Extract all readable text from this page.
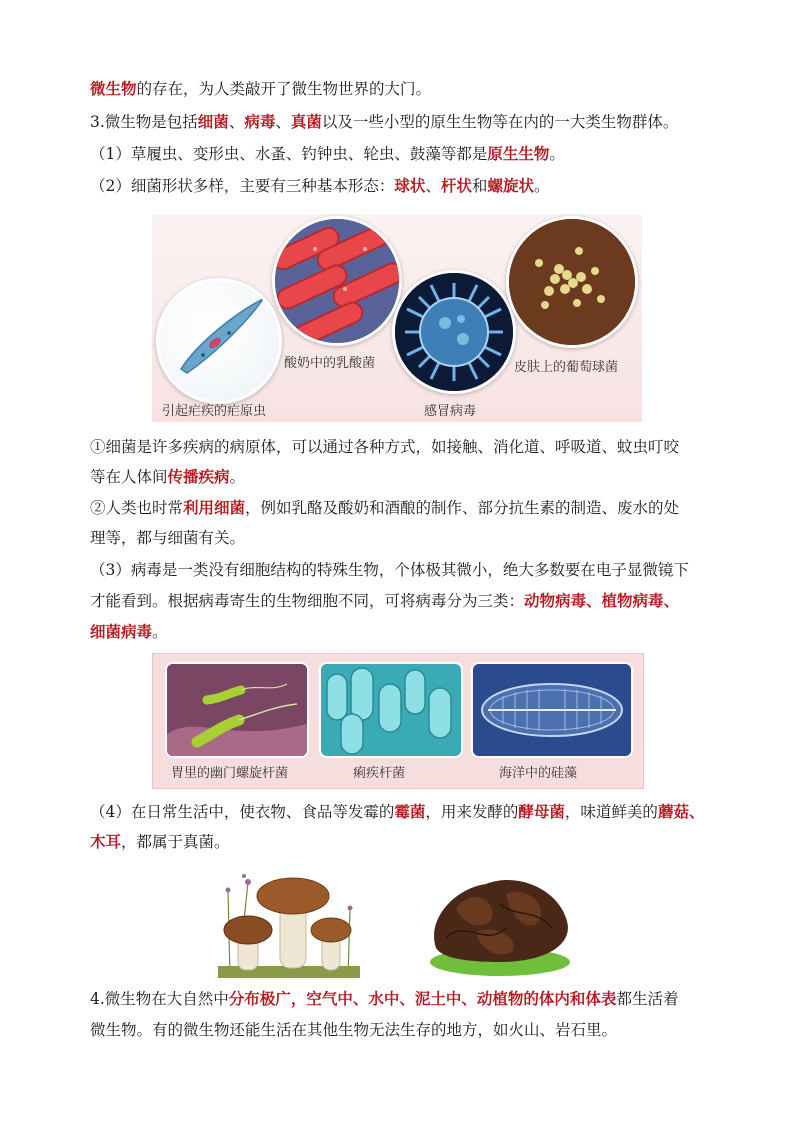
微生物的存在，为人类敲开了微生物世界的大门。
3.微生物是包括细菌、病毒、真菌以及一些小型的原生生物等在内的一大类生物群体。
（1）草履虫、变形虫、水蚤、钓钟虫、轮虫、鼓藻等都是原生生物。
（2）细菌形状多样，主要有三种基本形态：球状、杆状和螺旋状。
引起疟疾的疟原虫
酸奶中的乳酸菌
感冒病毒
皮肤上的葡萄球菌
①细菌是许多疾病的病原体，可以通过各种方式，如接触、消化道、呼吸道、蚊虫叮咬
等在人体间传播疾病。
②人类也时常利用细菌，例如乳酪及酸奶和酒酿的制作、部分抗生素的制造、废水的处
理等，都与细菌有关。
（3）病毒是一类没有细胞结构的特殊生物，个体极其微小，绝大多数要在电子显微镜下
才能看到。根据病毒寄生的生物细胞不同，可将病毒分为三类：动物病毒、植物病毒、
细菌病毒。
胃里的幽门螺旋杆菌	痢疾杆菌	海洋中的硅藻
（4）在日常生活中，使衣物、食品等发霉的霉菌，用来发酵的酵母菌，味道鲜美的蘑菇、
木耳，都属于真菌。
4.微生物在大自然中分布极广，空气中、水中、泥土中、动植物的体内和体表都生活着
微生物。有的微生物还能生活在其他生物无法生存的地方，如火山、岩石里。
